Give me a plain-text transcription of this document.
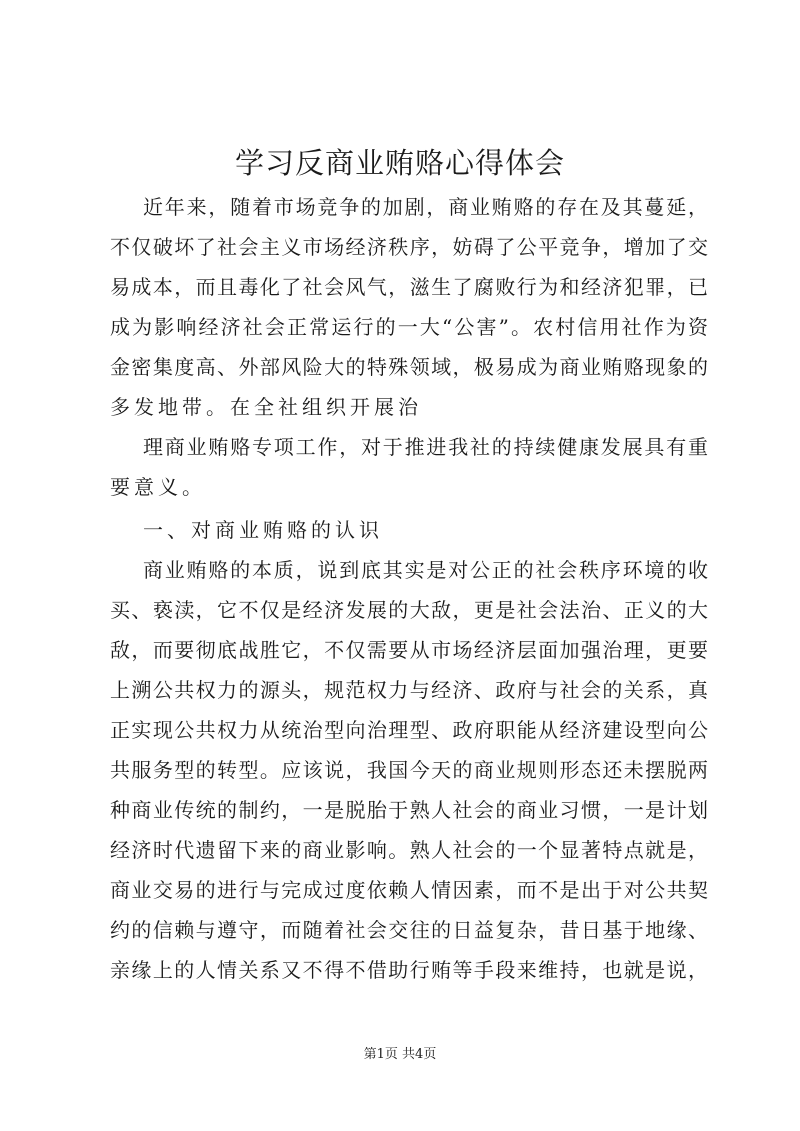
学习反商业贿赂心得体会
近年来，随着市场竞争的加剧，商业贿赂的存在及其蔓延，
不仅破坏了社会主义市场经济秩序，妨碍了公平竞争，增加了交
易成本，而且毒化了社会风气，滋生了腐败行为和经济犯罪，已
成为影响经济社会正常运行的一大“公害”。农村信用社作为资
金密集度高、外部风险大的特殊领域，极易成为商业贿赂现象的
多发地带。在全社组织开展治
理商业贿赂专项工作，对于推进我社的持续健康发展具有重
要意义。
一、对商业贿赂的认识
商业贿赂的本质，说到底其实是对公正的社会秩序环境的收
买、亵渎，它不仅是经济发展的大敌，更是社会法治、正义的大
敌，而要彻底战胜它，不仅需要从市场经济层面加强治理，更要
上溯公共权力的源头，规范权力与经济、政府与社会的关系，真
正实现公共权力从统治型向治理型、政府职能从经济建设型向公
共服务型的转型。应该说，我国今天的商业规则形态还未摆脱两
种商业传统的制约，一是脱胎于熟人社会的商业习惯，一是计划
经济时代遗留下来的商业影响。熟人社会的一个显著特点就是，
商业交易的进行与完成过度依赖人情因素，而不是出于对公共契
约的信赖与遵守，而随着社会交往的日益复杂，昔日基于地缘、
亲缘上的人情关系又不得不借助行贿等手段来维持，也就是说，
第1页 共4页
